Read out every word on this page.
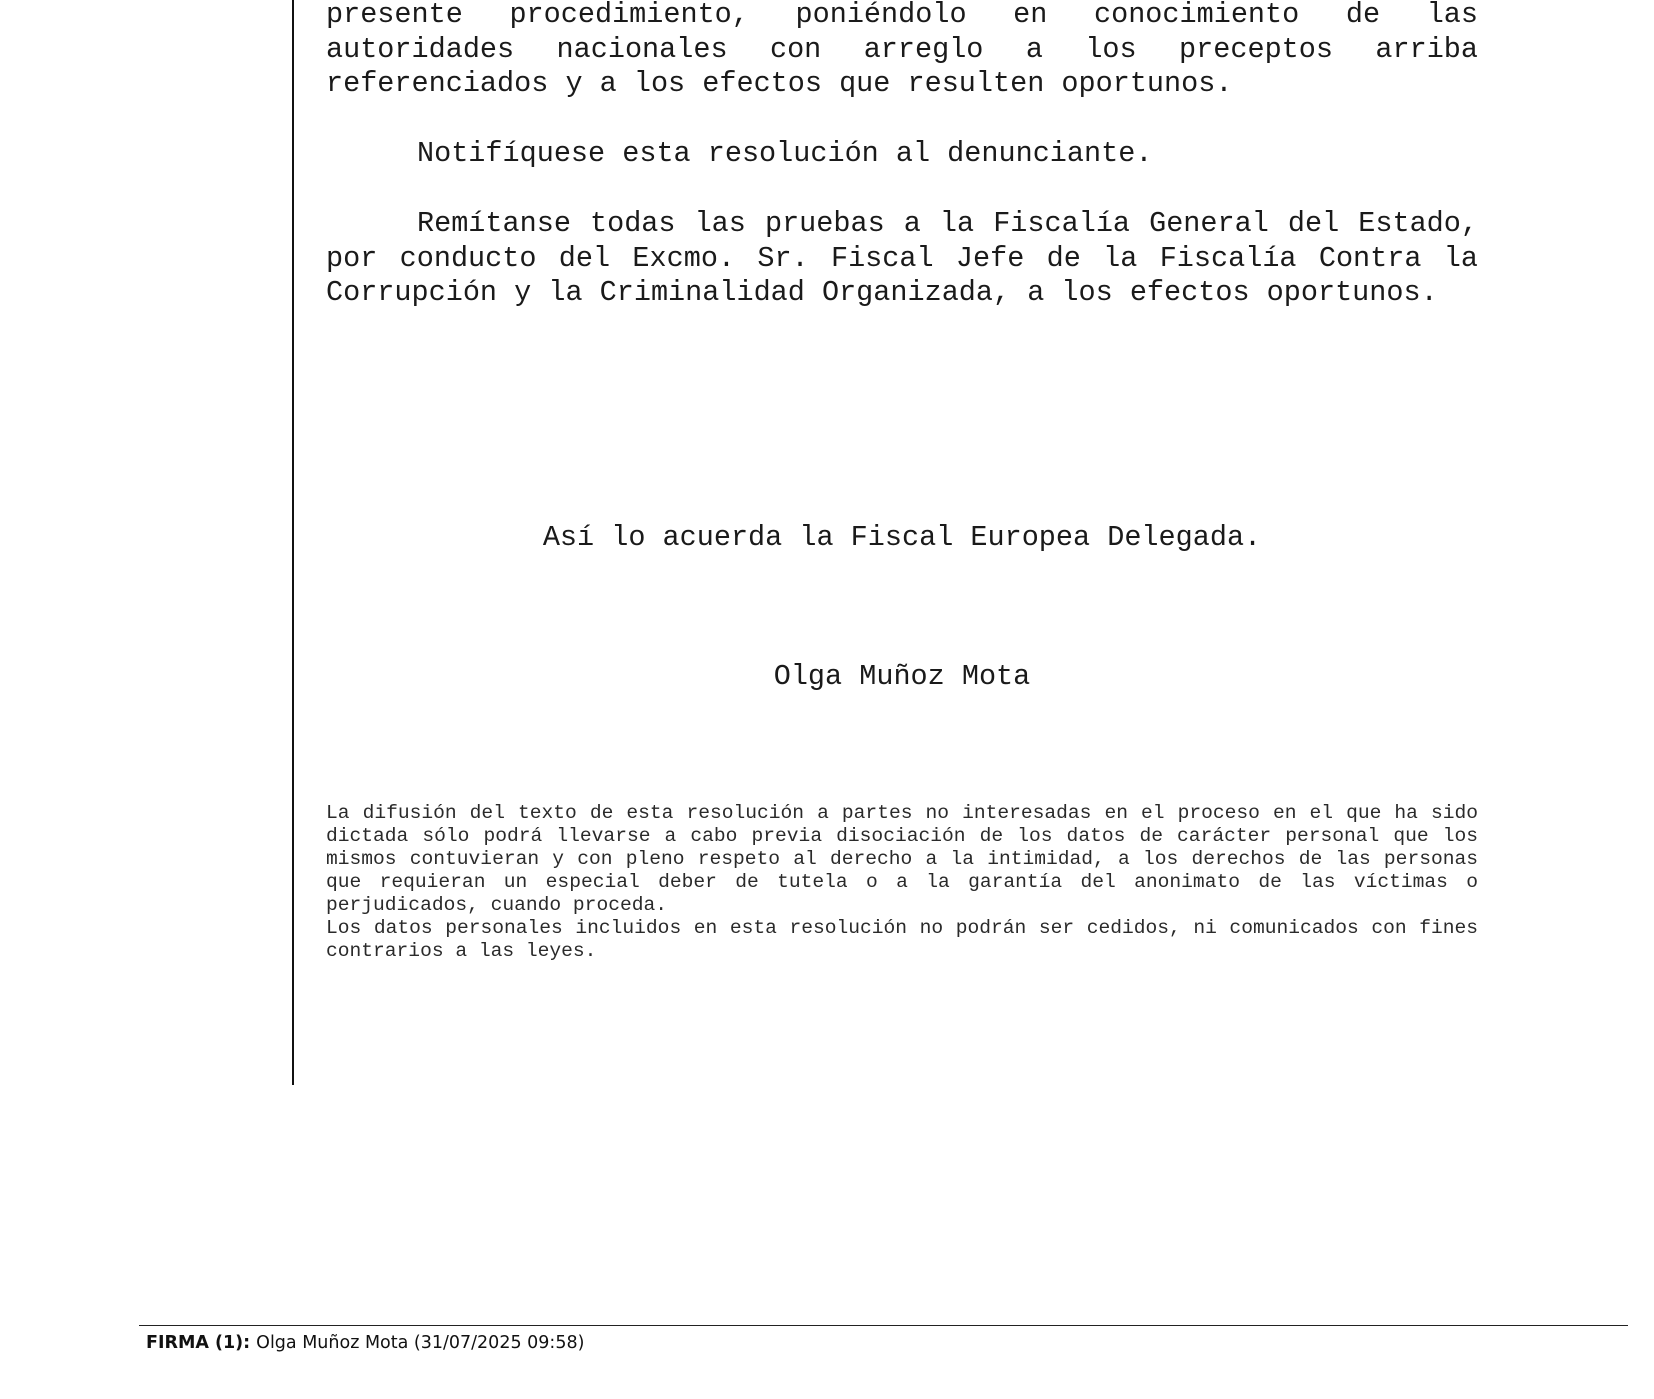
presente procedimiento, poniéndolo en conocimiento de las autoridades nacionales con arreglo a los preceptos arriba referenciados y a los efectos que resulten oportunos.

Notifíquese esta resolución al denunciante.

Remítanse todas las pruebas a la Fiscalía General del Estado, por conducto del Excmo. Sr. Fiscal Jefe de la Fiscalía Contra la Corrupción y la Criminalidad Organizada, a los efectos oportunos.

Así lo acuerda la Fiscal Europea Delegada.

Olga Muñoz Mota

La difusión del texto de esta resolución a partes no interesadas en el proceso en el que ha sido dictada sólo podrá llevarse a cabo previa disociación de los datos de carácter personal que los mismos contuvieran y con pleno respeto al derecho a la intimidad, a los derechos de las personas que requieran un especial deber de tutela o a la garantía del anonimato de las víctimas o perjudicados, cuando proceda.

Los datos personales incluidos en esta resolución no podrán ser cedidos, ni comunicados con fines contrarios a las leyes.

FIRMA (1): Olga Muñoz Mota (31/07/2025 09:58)
